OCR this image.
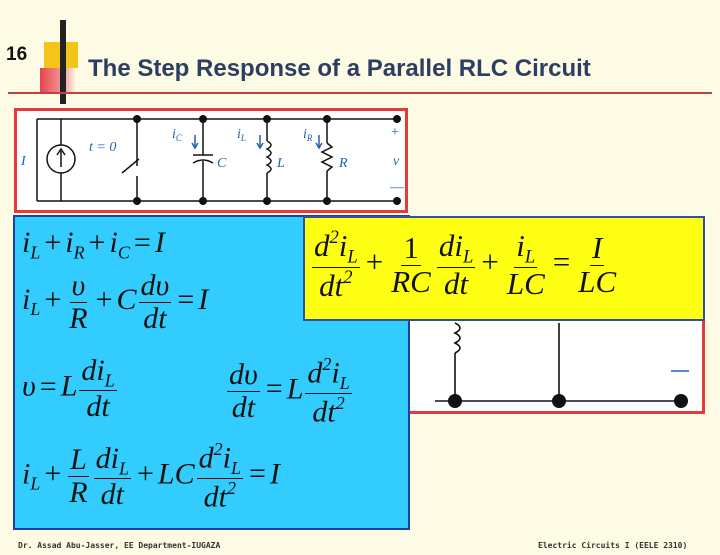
16
The Step Response of a Parallel RLC Circuit
I
t = 0
$i_C$	$i_L$	$i_R$
C	L	R	v
+
—
$i_L + i_R + i_C = I$
$i_L + \frac{\upsilon}{R} + C \frac{d\upsilon}{dt} = I$
υ = L $\frac{di_L}{dt}$	$\frac{d\upsilon}{dt} = L \frac{d^2i_L}{dt^2}$
$i_L + \frac{L}{R} \frac{di_L}{dt}$ + LC $\frac{d^2i_L}{dt^2} = I$
$\frac{d^2i_L}{dt^2} + \frac{1}{RC} \frac{di_L}{dt} + \frac{i_L}{LC} = \frac{I}{LC}$
Dr. Assad Abu-Jasser, EE Department-IUGAZA	Electric Circuits I (EELE 2310)
